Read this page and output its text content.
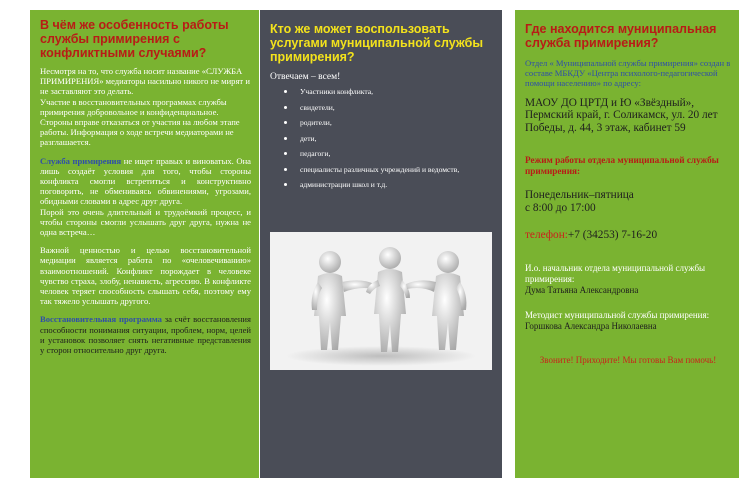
В чём же особенность работы службы примирения с конфликтными случаями?

Несмотря на то, что служба носит название «СЛУЖБА ПРИМИРЕНИЯ» медиаторы насильно никого не мирят и не заставляют это делать.

Участие в восстановительных программах службы примирения добровольное и конфиденциальное.

Стороны вправе отказаться от участия на любом этапе работы. Информация о ходе встречи медиаторами не разглашается.

Служба примирения не ищет правых и виноватых. Она лишь создаёт условия для того, чтобы стороны конфликта смогли встретиться и конструктивно поговорить, не обмениваясь обвинениями, угрозами, обидными словами в адрес друг друга.

Порой это очень длительный и трудоёмкий процесс, и чтобы стороны смогли услышать друг друга, нужна не одна встреча…

Важной ценностью и целью восстановительной медиации является работа по «очеловечиванию» взаимоотношений. Конфликт порождает в человеке чувство страха, злобу, ненависть, агрессию. В конфликте человек теряет способность слышать себя, поэтому ему так тяжело услышать другого.

Восстановительная программа за счёт восстановления способности понимания ситуации, проблем, норм, целей и установок позволяет снять негативные представления у сторон относительно друг друга.

Кто же может воспользовать услугами муниципальной службы примирения?

Отвечаем – всем!

Участники конфликта,
свидетели,
родители,
дети,
педагоги,
специалисты различных учреждений и ведомств,
администрации школ и т.д.

Где находится муниципальная служба примирения?

Отдел « Муниципальной службы примирения» создан в составе МБКДУ «Центра психолого-педагогической помощи населению» по адресу:

МАОУ ДО ЦРТД и Ю «Звёздный», Пермский край, г. Соликамск, ул. 20 лет Победы, д. 44, 3 этаж, кабинет 59

Режим работы отдела муниципальной службы примирения:

Понедельник–пятница

с 8:00 до 17:00

телефон:+7 (34253) 7-16-20

И.о. начальник отдела муниципальной службы примирения:

Дума Татьяна Александровна

Методист муниципальной службы примирения:

Горшкова Александра Николаевна

Звоните! Приходите! Мы готовы Вам помочь!
